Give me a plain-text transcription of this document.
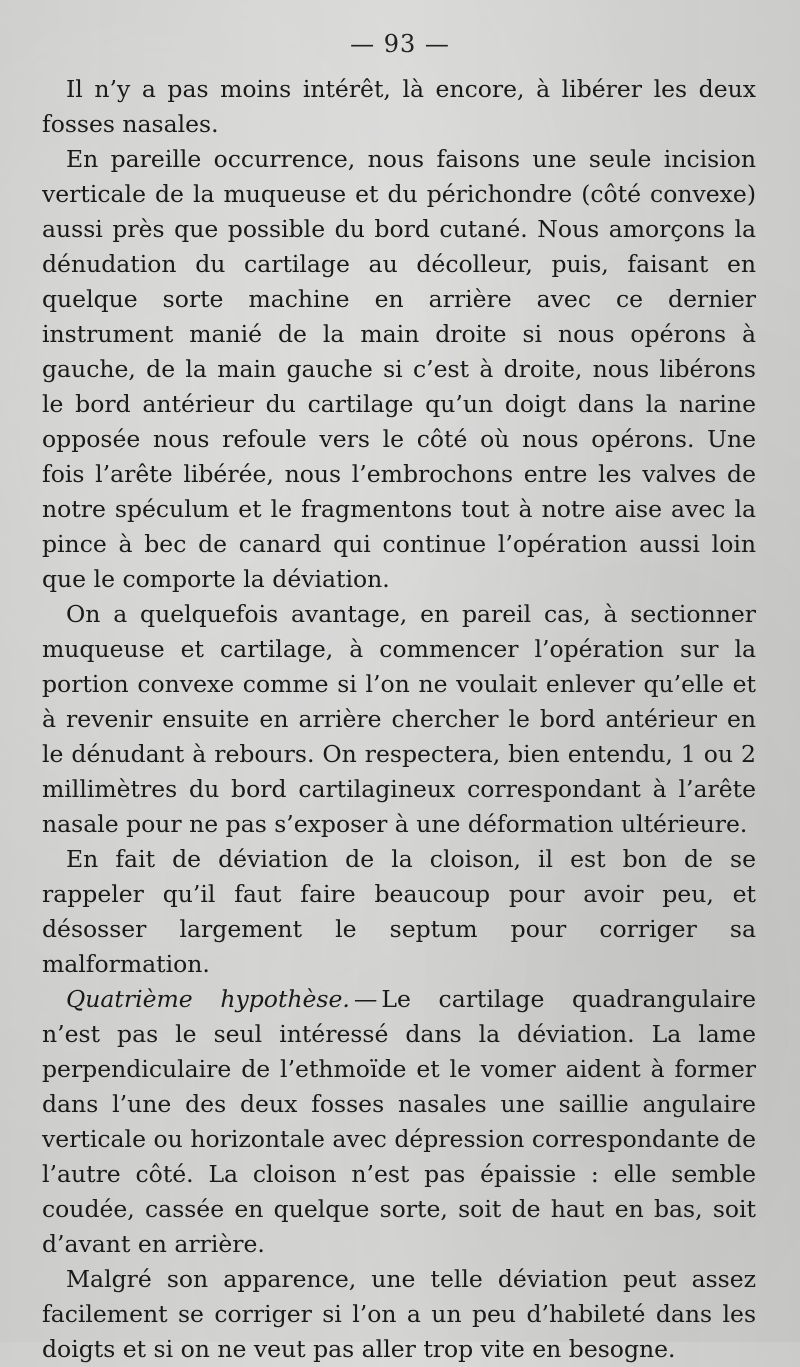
— 93 —

Il n’y a pas moins intérêt, là encore, à libérer les deux fosses nasales.

En pareille occurrence, nous faisons une seule incision verticale de la muqueuse et du périchondre (côté convexe) aussi près que possible du bord cutané. Nous amorçons la dénudation du cartilage au décolleur, puis, faisant en quelque sorte machine en arrière avec ce dernier instrument manié de la main droite si nous opérons à gauche, de la main gauche si c’est à droite, nous libérons le bord antérieur du cartilage qu’un doigt dans la narine opposée nous refoule vers le côté où nous opérons. Une fois l’arête libérée, nous l’embrochons entre les valves de notre spéculum et le fragmentons tout à notre aise avec la pince à bec de canard qui continue l’opération aussi loin que le comporte la déviation.

On a quelquefois avantage, en pareil cas, à sectionner muqueuse et cartilage, à commencer l’opération sur la portion convexe comme si l’on ne voulait enlever qu’elle et à revenir ensuite en arrière chercher le bord antérieur en le dénudant à rebours. On respectera, bien entendu, 1 ou 2 millimètres du bord cartilagineux correspondant à l’arête nasale pour ne pas s’exposer à une déformation ultérieure.

En fait de déviation de la cloison, il est bon de se rappeler qu’il faut faire beaucoup pour avoir peu, et désosser largement le septum pour corriger sa malformation.

Quatrième hypothèse. — Le cartilage quadrangulaire n’est pas le seul intéressé dans la déviation. La lame perpendiculaire de l’ethmoïde et le vomer aident à former dans l’une des deux fosses nasales une saillie angulaire verticale ou horizontale avec dépression correspondante de l’autre côté. La cloison n’est pas épaissie : elle semble coudée, cassée en quelque sorte, soit de haut en bas, soit d’avant en arrière.

Malgré son apparence, une telle déviation peut assez facilement se corriger si l’on a un peu d’habileté dans les doigts et si on ne veut pas aller trop vite en besogne.
